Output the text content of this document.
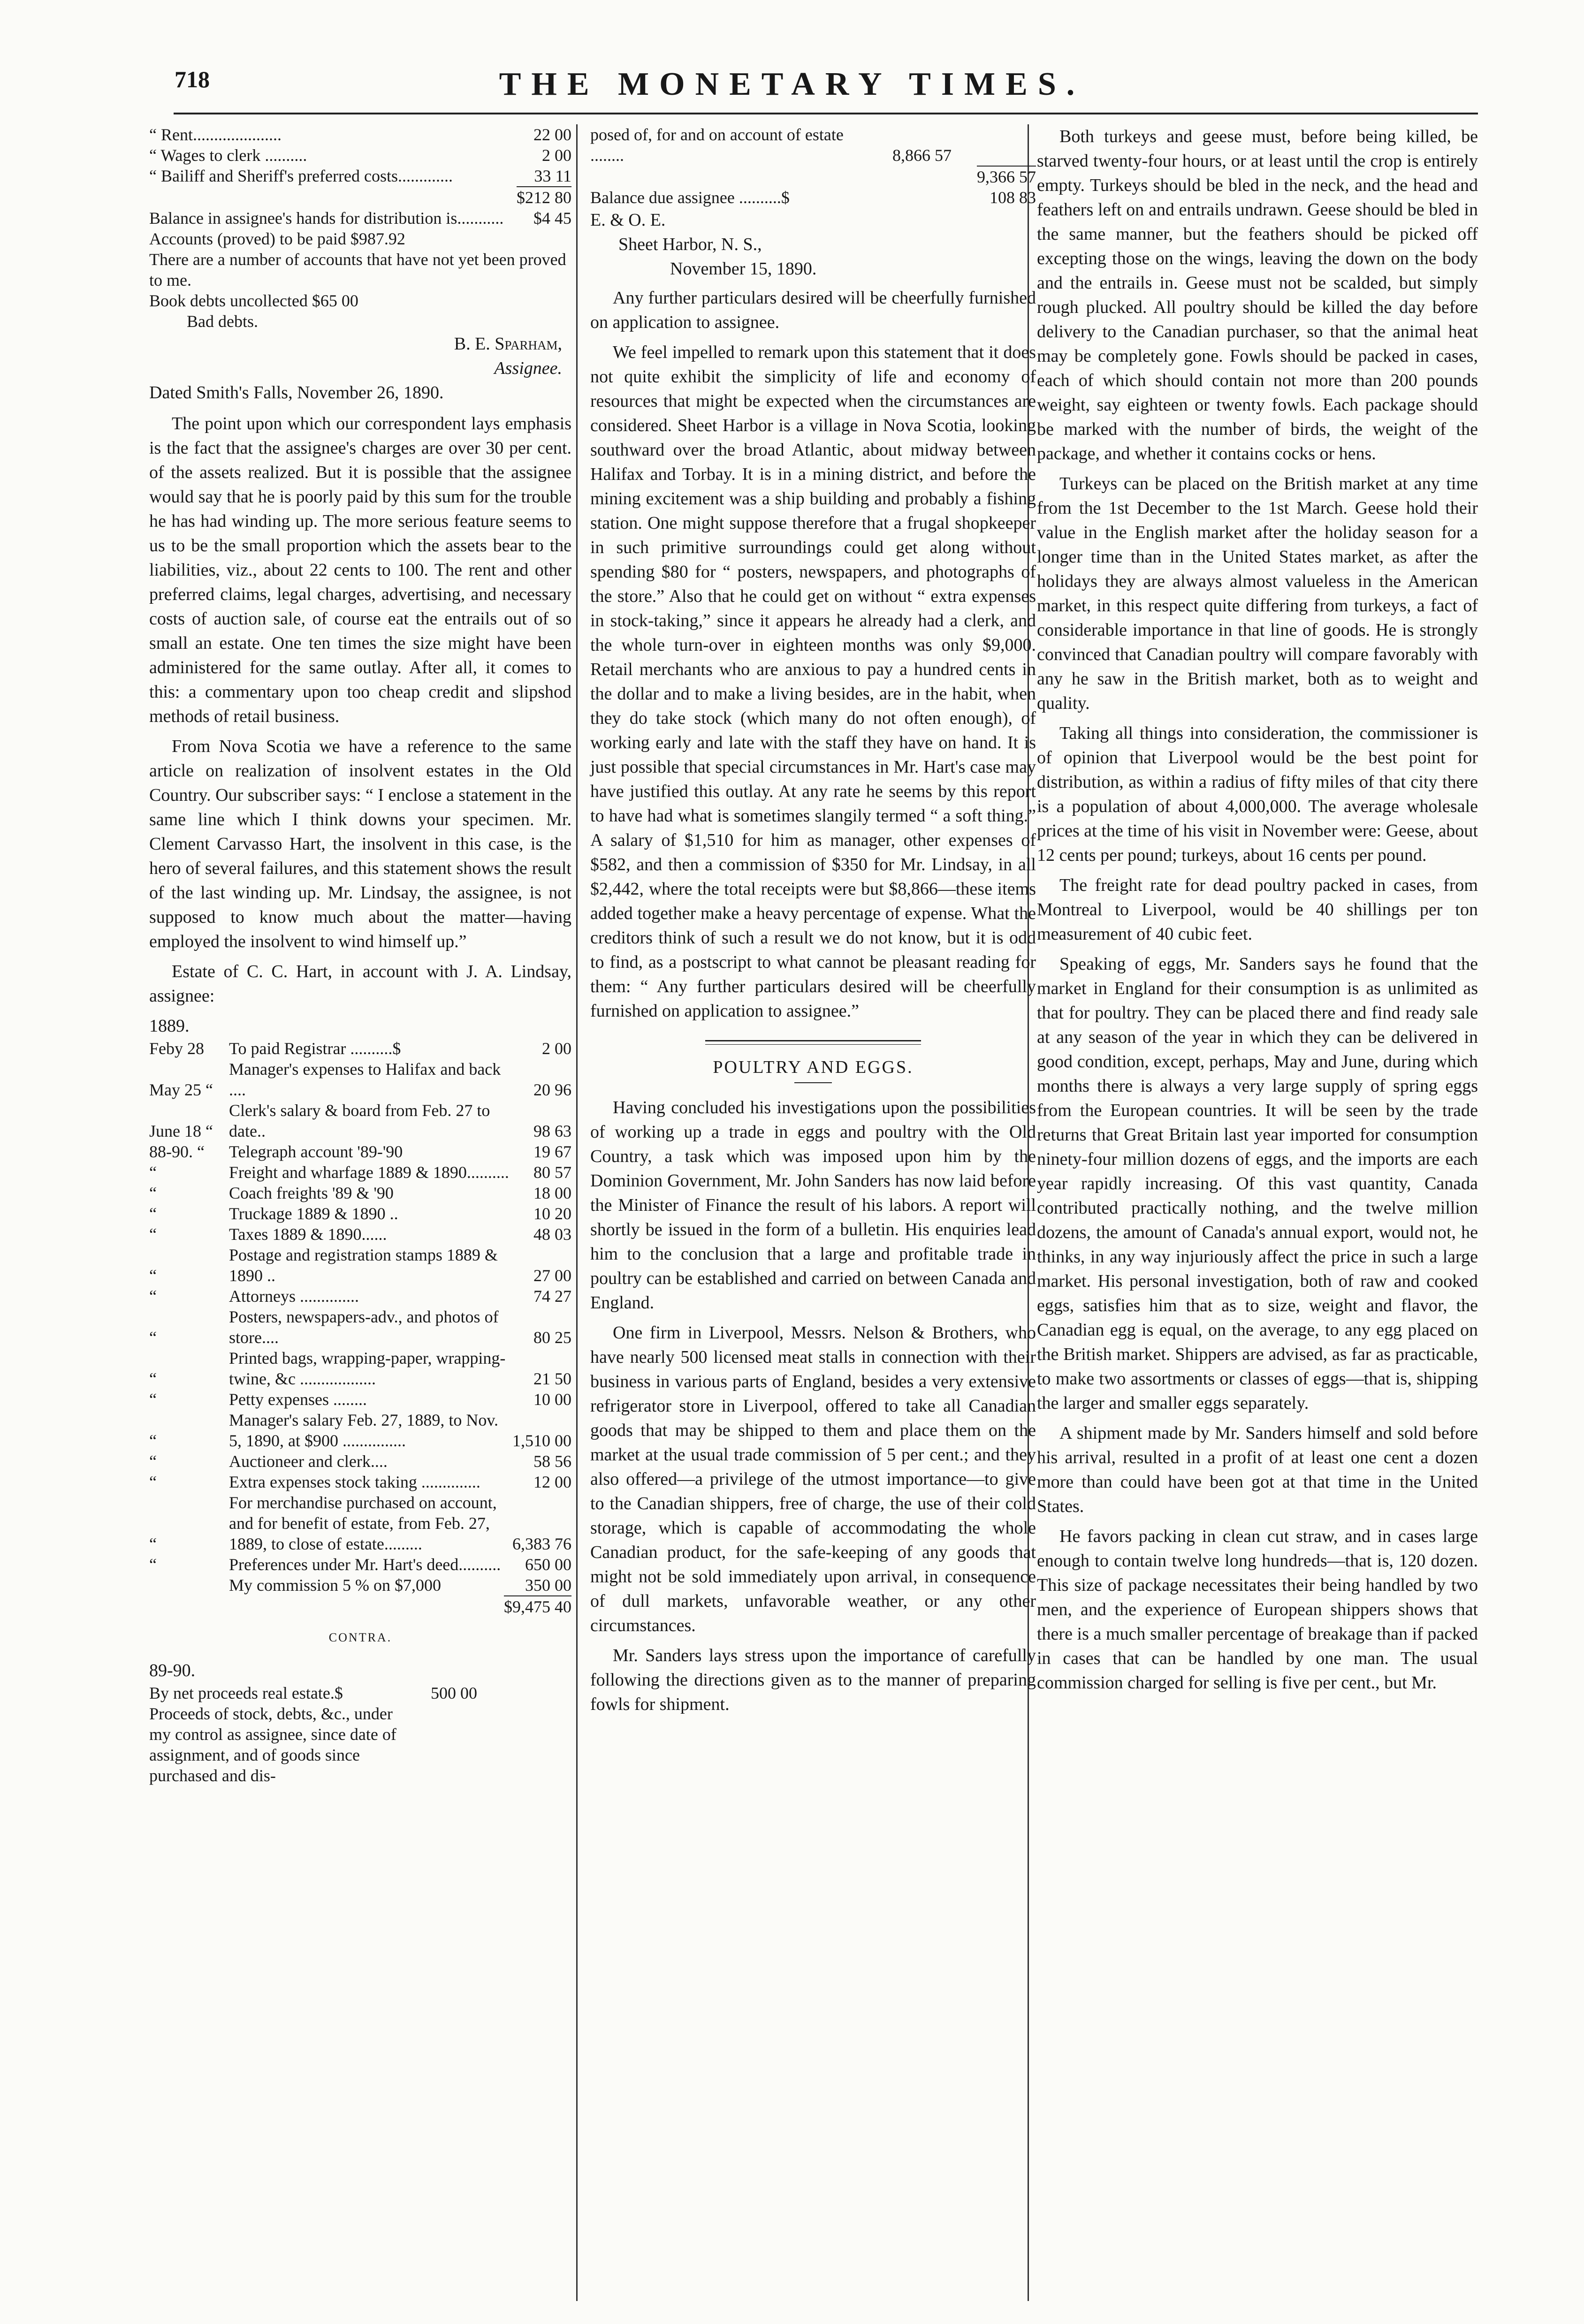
718	THE MONETARY TIMES.
“ Rent.....................	22 00
“ Wages to clerk ..........	2 00
“ Bailiff and Sheriff's preferred costs.............	33 11
	$212 80
Balance in assignee's hands for distribution is...........	$4 45
Accounts (proved) to be paid $987.92
There are a number of accounts that have not yet been proved to me.
Book debts uncollected $65 00
Bad debts.
B. E. Sparham,
Assignee.
Dated Smith's Falls, November 26, 1890.

The point upon which our correspondent lays emphasis is the fact that the assignee's charges are over 30 per cent. of the assets realized. But it is possible that the assignee would say that he is poorly paid by this sum for the trouble he has had winding up. The more serious feature seems to us to be the small proportion which the assets bear to the liabilities, viz., about 22 cents to 100. The rent and other preferred claims, legal charges, advertising, and necessary costs of auction sale, of course eat the entrails out of so small an estate. One ten times the size might have been administered for the same outlay. After all, it comes to this: a commentary upon too cheap credit and slipshod methods of retail business.

From Nova Scotia we have a reference to the same article on realization of insolvent estates in the Old Country. Our subscriber says: “ I enclose a statement in the same line which I think downs your specimen. Mr. Clement Carvasso Hart, the insolvent in this case, is the hero of several failures, and this statement shows the result of the last winding up. Mr. Lindsay, the assignee, is not supposed to know much about the matter—having employed the insolvent to wind himself up.”

Estate of C. C. Hart, in account with J. A. Lindsay, assignee:

1889.
Feby 28	To paid Registrar ..........$	2 00
May 25 “	Manager's expenses to Halifax and back ....	20 96
June 18 “	Clerk's salary & board from Feb. 27 to date..	98 63
88-90. “	Telegraph account '89-'90	19 67
“	Freight and wharfage 1889 & 1890..........	80 57
“	Coach freights '89 & '90	18 00
“	Truckage 1889 & 1890 ..	10 20
“	Taxes 1889 & 1890......	48 03
“	Postage and registration stamps 1889 & 1890 ..	27 00
“	Attorneys ..............	74 27
“	Posters, newspapers-adv., and photos of store....	80 25
“	Printed bags, wrapping-paper, wrapping-twine, &c ..................	21 50
“	Petty expenses ........	10 00
“	Manager's salary Feb. 27, 1889, to Nov. 5, 1890, at $900 ...............	1,510 00
“	Auctioneer and clerk....	58 56
“	Extra expenses stock taking ..............	12 00
“	For merchandise purchased on account, and for benefit of estate, from Feb. 27, 1889, to close of estate.........	6,383 76
“	Preferences under Mr. Hart's deed..........	650 00
	My commission 5 % on $7,000	350 00
	$9,475 40
CONTRA.
89-90.
By net proceeds real estate.$	500 00
Proceeds of stock, debts, &c., under my control as assignee, since date of assignment, and of goods since purchased and dis-
posed of, for and on account of estate ........	8,866 57	
		9,366 57
Balance due assignee ..........$		108 83
E. & O. E.
Sheet Harbor, N. S.,
November 15, 1890.

Any further particulars desired will be cheerfully furnished on application to assignee.

We feel impelled to remark upon this statement that it does not quite exhibit the simplicity of life and economy of resources that might be expected when the circumstances are considered. Sheet Harbor is a village in Nova Scotia, looking southward over the broad Atlantic, about midway between Halifax and Torbay. It is in a mining district, and before the mining excitement was a ship building and probably a fishing station. One might suppose therefore that a frugal shopkeeper in such primitive surroundings could get along without spending $80 for “ posters, newspapers, and photographs of the store.” Also that he could get on without “ extra expenses in stock-taking,” since it appears he already had a clerk, and the whole turn-over in eighteen months was only $9,000. Retail merchants who are anxious to pay a hundred cents in the dollar and to make a living besides, are in the habit, when they do take stock (which many do not often enough), of working early and late with the staff they have on hand. It is just possible that special circumstances in Mr. Hart's case may have justified this outlay. At any rate he seems by this report to have had what is sometimes slangily termed “ a soft thing.” A salary of $1,510 for him as manager, other expenses of $582, and then a commission of $350 for Mr. Lindsay, in all $2,442, where the total receipts were but $8,866—these items added together make a heavy percentage of expense. What the creditors think of such a result we do not know, but it is odd to find, as a postscript to what cannot be pleasant reading for them: “ Any further particulars desired will be cheerfully furnished on application to assignee.”

POULTRY AND EGGS.

Having concluded his investigations upon the possibilities of working up a trade in eggs and poultry with the Old Country, a task which was imposed upon him by the Dominion Government, Mr. John Sanders has now laid before the Minister of Finance the result of his labors. A report will shortly be issued in the form of a bulletin. His enquiries lead him to the conclusion that a large and profitable trade in poultry can be established and carried on between Canada and England.

One firm in Liverpool, Messrs. Nelson & Brothers, who have nearly 500 licensed meat stalls in connection with their business in various parts of England, besides a very extensive refrigerator store in Liverpool, offered to take all Canadian goods that may be shipped to them and place them on the market at the usual trade commission of 5 per cent.; and they also offered—a privilege of the utmost importance—to give to the Canadian shippers, free of charge, the use of their cold storage, which is capable of accommodating the whole Canadian product, for the safe-keeping of any goods that might not be sold immediately upon arrival, in consequence of dull markets, unfavorable weather, or any other circumstances.

Mr. Sanders lays stress upon the importance of carefully following the directions given as to the manner of preparing fowls for shipment.

Both turkeys and geese must, before being killed, be starved twenty-four hours, or at least until the crop is entirely empty. Turkeys should be bled in the neck, and the head and feathers left on and entrails undrawn. Geese should be bled in the same manner, but the feathers should be picked off excepting those on the wings, leaving the down on the body and the entrails in. Geese must not be scalded, but simply rough plucked. All poultry should be killed the day before delivery to the Canadian purchaser, so that the animal heat may be completely gone. Fowls should be packed in cases, each of which should contain not more than 200 pounds weight, say eighteen or twenty fowls. Each package should be marked with the number of birds, the weight of the package, and whether it contains cocks or hens.

Turkeys can be placed on the British market at any time from the 1st December to the 1st March. Geese hold their value in the English market after the holiday season for a longer time than in the United States market, as after the holidays they are always almost valueless in the American market, in this respect quite differing from turkeys, a fact of considerable importance in that line of goods. He is strongly convinced that Canadian poultry will compare favorably with any he saw in the British market, both as to weight and quality.

Taking all things into consideration, the commissioner is of opinion that Liverpool would be the best point for distribution, as within a radius of fifty miles of that city there is a population of about 4,000,000. The average wholesale prices at the time of his visit in November were: Geese, about 12 cents per pound; turkeys, about 16 cents per pound.

The freight rate for dead poultry packed in cases, from Montreal to Liverpool, would be 40 shillings per ton measurement of 40 cubic feet.

Speaking of eggs, Mr. Sanders says he found that the market in England for their consumption is as unlimited as that for poultry. They can be placed there and find ready sale at any season of the year in which they can be delivered in good condition, except, perhaps, May and June, during which months there is always a very large supply of spring eggs from the European countries. It will be seen by the trade returns that Great Britain last year imported for consumption ninety-four million dozens of eggs, and the imports are each year rapidly increasing. Of this vast quantity, Canada contributed practically nothing, and the twelve million dozens, the amount of Canada's annual export, would not, he thinks, in any way injuriously affect the price in such a large market. His personal investigation, both of raw and cooked eggs, satisfies him that as to size, weight and flavor, the Canadian egg is equal, on the average, to any egg placed on the British market. Shippers are advised, as far as practicable, to make two assortments or classes of eggs—that is, shipping the larger and smaller eggs separately.

A shipment made by Mr. Sanders himself and sold before his arrival, resulted in a profit of at least one cent a dozen more than could have been got at that time in the United States.

He favors packing in clean cut straw, and in cases large enough to contain twelve long hundreds—that is, 120 dozen. This size of package necessitates their being handled by two men, and the experience of European shippers shows that there is a much smaller percentage of breakage than if packed in cases that can be handled by one man. The usual commission charged for selling is five per cent., but Mr.
